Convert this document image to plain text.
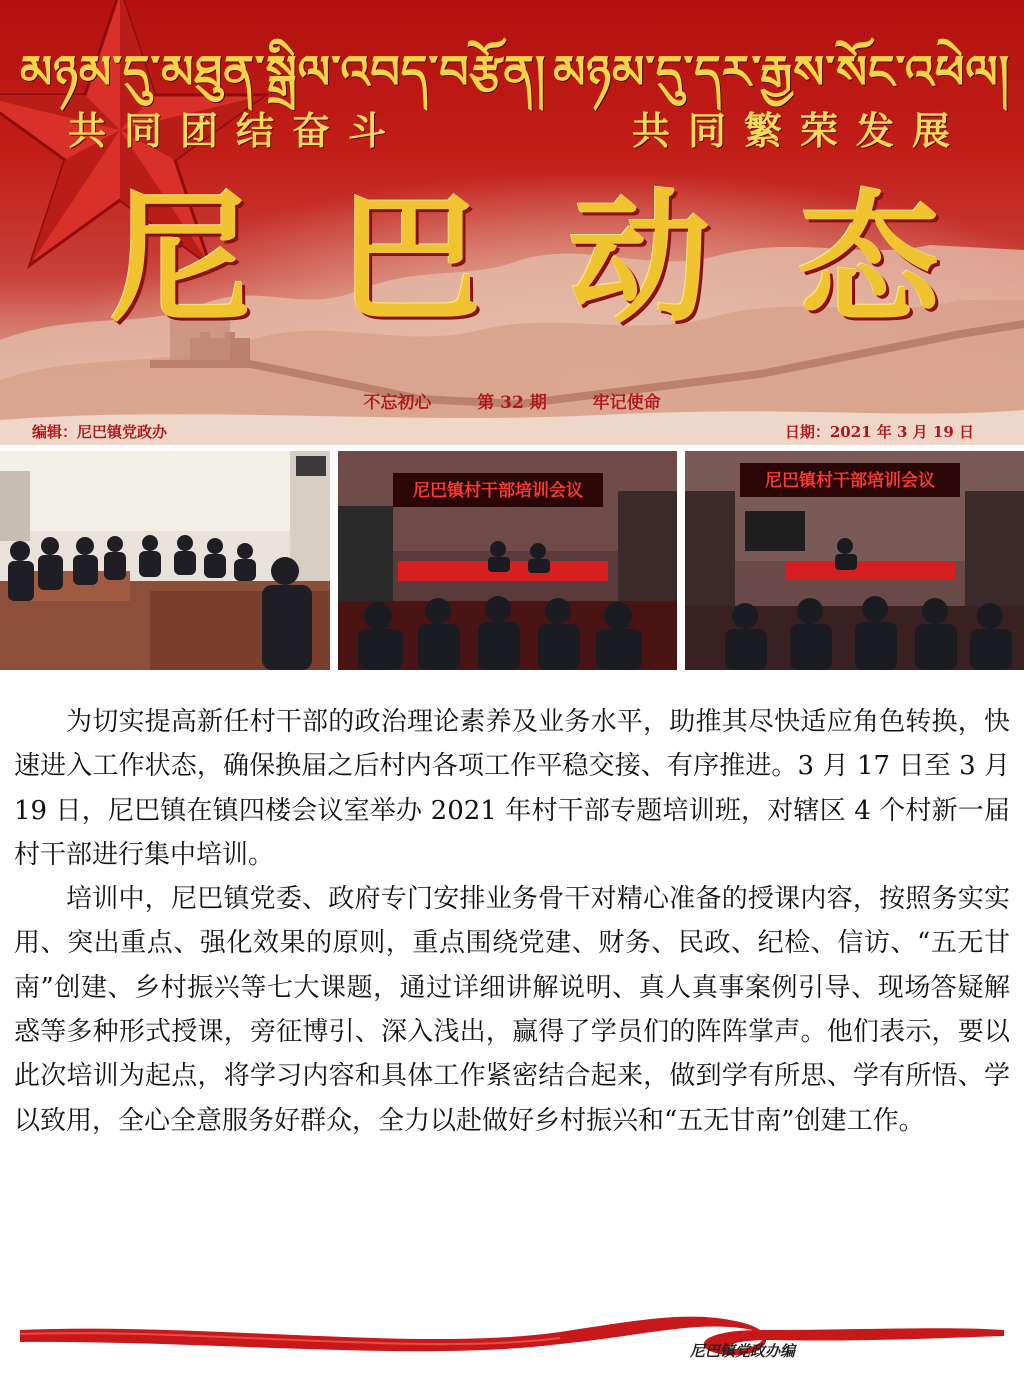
མཉམ་དུ་མཐུན་སྒྲིལ་འབད་བརྩོན། མཉམ་དུ་དར་རྒྱས་སོང་འཕེལ།
共同团结奋斗	共同繁荣发展
尼 巴 动 态
不忘初心	第 32 期	牢记使命
编辑：尼巴镇党政办	日期：2021 年 3 月 19 日
尼巴镇村干部培训会议	尼巴镇村干部培训会议

为切实提高新任村干部的政治理论素养及业务水平，助推其尽快适应角色转换，快速进入工作状态，确保换届之后村内各项工作平稳交接、有序推进。3 月 17 日至 3 月 19 日，尼巴镇在镇四楼会议室举办 2021 年村干部专题培训班，对辖区 4 个村新一届村干部进行集中培训。

培训中，尼巴镇党委、政府专门安排业务骨干对精心准备的授课内容，按照务实实用、突出重点、强化效果的原则，重点围绕党建、财务、民政、纪检、信访、“五无甘南”创建、乡村振兴等七大课题，通过详细讲解说明、真人真事案例引导、现场答疑解惑等多种形式授课，旁征博引、深入浅出，赢得了学员们的阵阵掌声。他们表示，要以此次培训为起点，将学习内容和具体工作紧密结合起来，做到学有所思、学有所悟、学以致用，全心全意服务好群众，全力以赴做好乡村振兴和“五无甘南”创建工作。

尼巴镇党政办编
